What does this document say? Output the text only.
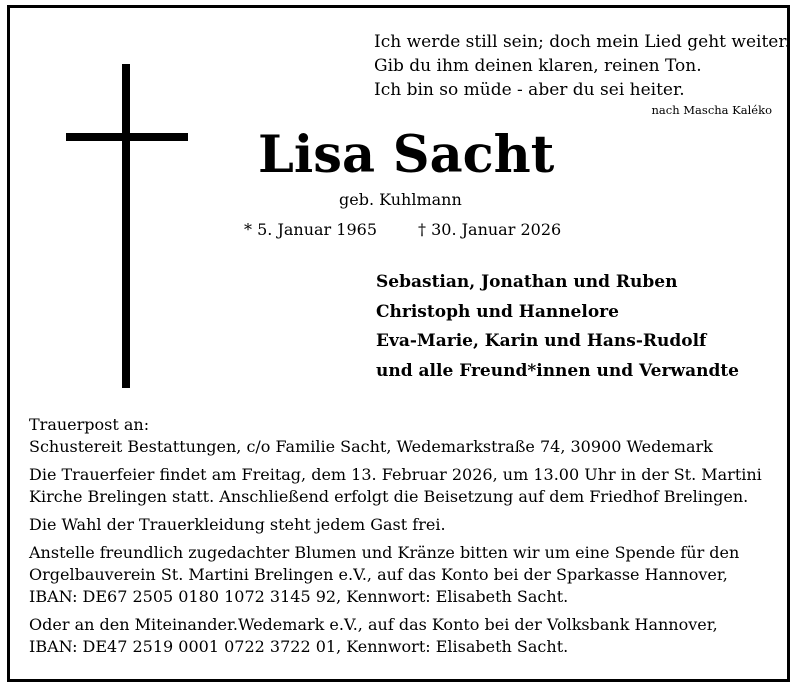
Ich werde still sein; doch mein Lied geht weiter.
Gib du ihm deinen klaren, reinen Ton.
Ich bin so müde - aber du sei heiter.
nach Mascha Kaléko
Lisa Sacht
geb. Kuhlmann
* 5. Januar 1965	† 30. Januar 2026
Sebastian, Jonathan und Ruben
Christoph und Hannelore
Eva-Marie, Karin und Hans-Rudolf
und alle Freund*innen und Verwandte

Trauerpost an:

Schustereit Bestattungen, c/o Familie Sacht, Wedemarkstraße 74, 30900 Wedemark

Die Trauerfeier findet am Freitag, dem 13. Februar 2026, um 13.00 Uhr in der St. Martini

Kirche Brelingen statt. Anschließend erfolgt die Beisetzung auf dem Friedhof Brelingen.

Die Wahl der Trauerkleidung steht jedem Gast frei.

Anstelle freundlich zugedachter Blumen und Kränze bitten wir um eine Spende für den

Orgelbauverein St. Martini Brelingen e.V., auf das Konto bei der Sparkasse Hannover,

IBAN: DE67 2505 0180 1072 3145 92, Kennwort: Elisabeth Sacht.

Oder an den Miteinander.Wedemark e.V., auf das Konto bei der Volksbank Hannover,

IBAN: DE47 2519 0001 0722 3722 01, Kennwort: Elisabeth Sacht.
